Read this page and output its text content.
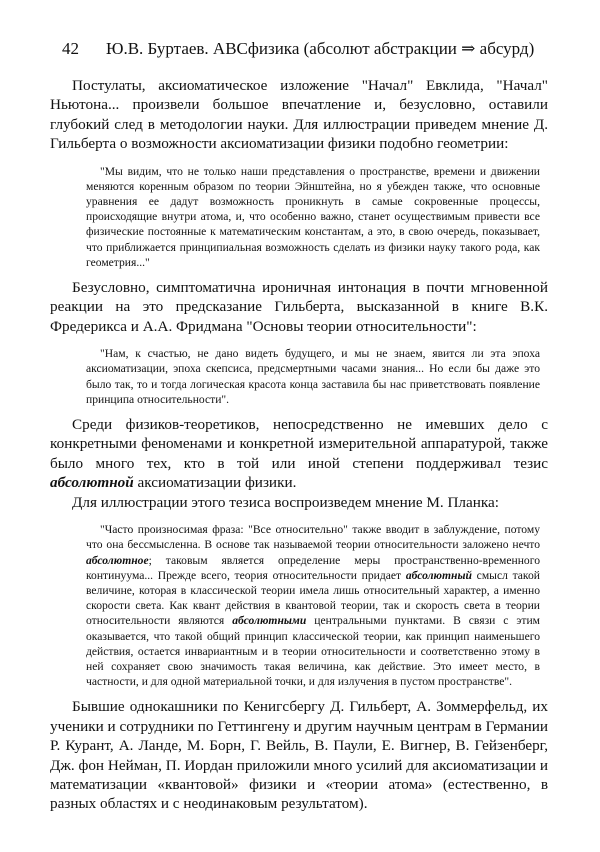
42 Ю.В. Буртаев. ABCфизика (абсолют абстракции ⇒ абсурд)

Постулаты, аксиоматическое изложение "Начал" Евклида, "Начал" Ньютона... произвели большое впечатление и, безусловно, оставили глубокий след в методологии науки. Для иллюстрации приведем мнение Д. Гильберта о возможности аксиоматизации физики подобно геометрии:

"Мы видим, что не только наши представления о пространстве, времени и движении меняются коренным образом по теории Эйнштейна, но я убежден также, что основные уравнения ее дадут возможность проникнуть в самые сокровенные процессы, происходящие внутри атома, и, что особенно важно, станет осуществимым привести все физические постоянные к математическим константам, а это, в свою очередь, показывает, что приближается принципиальная возможность сделать из физики науку такого рода, как геометрия..."

Безусловно, симптоматична ироничная интонация в почти мгновенной реакции на это предсказание Гильберта, высказанной в книге В.К. Фредерикса и А.А. Фридмана "Основы теории относительности":

"Нам, к счастью, не дано видеть будущего, и мы не знаем, явится ли эта эпоха аксиоматизации, эпоха скепсиса, предсмертными часами знания... Но если бы даже это было так, то и тогда логическая красота конца заставила бы нас приветствовать появление принципа относительности".

Среди физиков-теоретиков, непосредственно не имевших дело с конкретными феноменами и конкретной измерительной аппаратурой, также было много тех, кто в той или иной степени поддерживал тезис абсолютной аксиоматизации физики.

Для иллюстрации этого тезиса воспроизведем мнение М. Планка:

"Часто произносимая фраза: "Все относительно" также вводит в заблуждение, потому что она бессмысленна. В основе так называемой теории относительности заложено нечто абсолютное; таковым является определение меры пространственно-временного континуума... Прежде всего, теория относительности придает абсолютный смысл такой величине, которая в классической теории имела лишь относительный характер, а именно скорости света. Как квант действия в квантовой теории, так и скорость света в теории относительности являются абсолютными центральными пунктами. В связи с этим оказывается, что такой общий принцип классической теории, как принцип наименьшего действия, остается инвариантным и в теории относительности и соответственно этому в ней сохраняет свою значимость такая величина, как действие. Это имеет место, в частности, и для одной материальной точки, и для излучения в пустом пространстве".

Бывшие однокашники по Кенигсбергу Д. Гильберт, А. Зоммерфельд, их ученики и сотрудники по Геттингену и другим научным центрам в Германии Р. Курант, А. Ланде, М. Борн, Г. Вейль, В. Паули, Е. Вигнер, В. Гейзенберг, Дж. фон Нейман, П. Иордан приложили много усилий для аксиоматизации и математизации «квантовой» физики и «теории атома» (естественно, в разных областях и с неодинаковым результатом).
